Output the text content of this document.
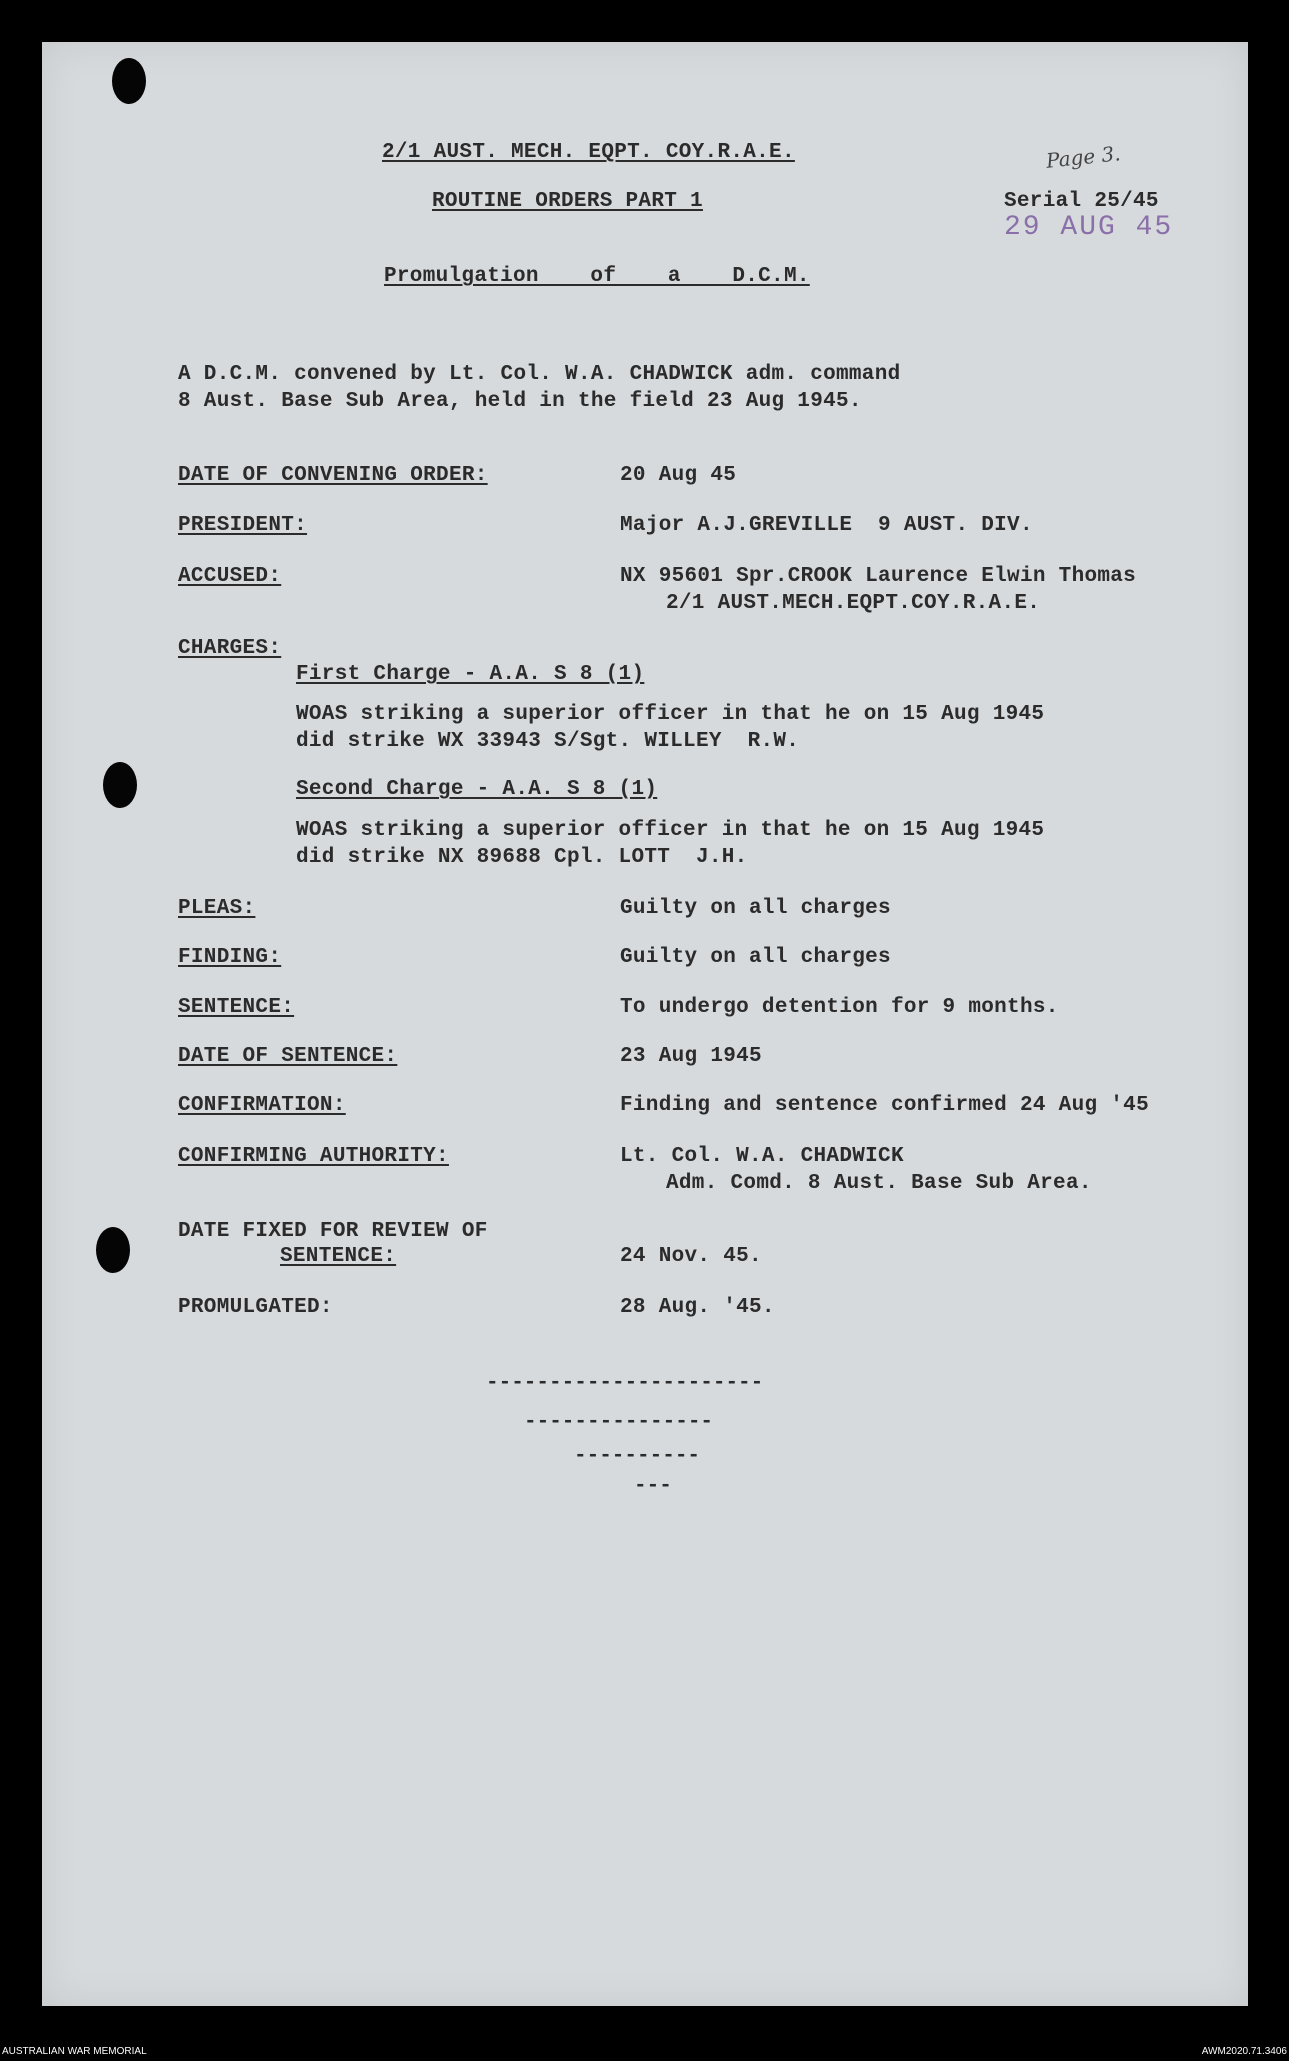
2/1 AUST. MECH. EQPT. COY.R.A.E.	Page 3.
ROUTINE ORDERS PART 1	Serial 25/45
29 AUG 45
Promulgation    of    a    D.C.M.
A D.C.M. convened by Lt. Col. W.A. CHADWICK adm. command
8 Aust. Base Sub Area, held in the field 23 Aug 1945.
DATE OF CONVENING ORDER:	20 Aug 45
PRESIDENT:	Major A.J.GREVILLE  9 AUST. DIV.
ACCUSED:	NX 95601 Spr.CROOK Laurence Elwin Thomas
2/1 AUST.MECH.EQPT.COY.R.A.E.
CHARGES:
First Charge - A.A. S 8 (1)
WOAS striking a superior officer in that he on 15 Aug 1945
did strike WX 33943 S/Sgt. WILLEY  R.W.
Second Charge - A.A. S 8 (1)
WOAS striking a superior officer in that he on 15 Aug 1945
did strike NX 89688 Cpl. LOTT  J.H.
PLEAS:	Guilty on all charges
FINDING:	Guilty on all charges
SENTENCE:	To undergo detention for 9 months.
DATE OF SENTENCE:	23 Aug 1945
CONFIRMATION:	Finding and sentence confirmed 24 Aug '45
CONFIRMING AUTHORITY:	Lt. Col. W.A. CHADWICK
Adm. Comd. 8 Aust. Base Sub Area.
DATE FIXED FOR REVIEW OF
SENTENCE:	24 Nov. 45.
PROMULGATED:	28 Aug. '45.
----------------------
---------------
----------
---
AUSTRALIAN WAR MEMORIAL	AWM2020.71.3406
